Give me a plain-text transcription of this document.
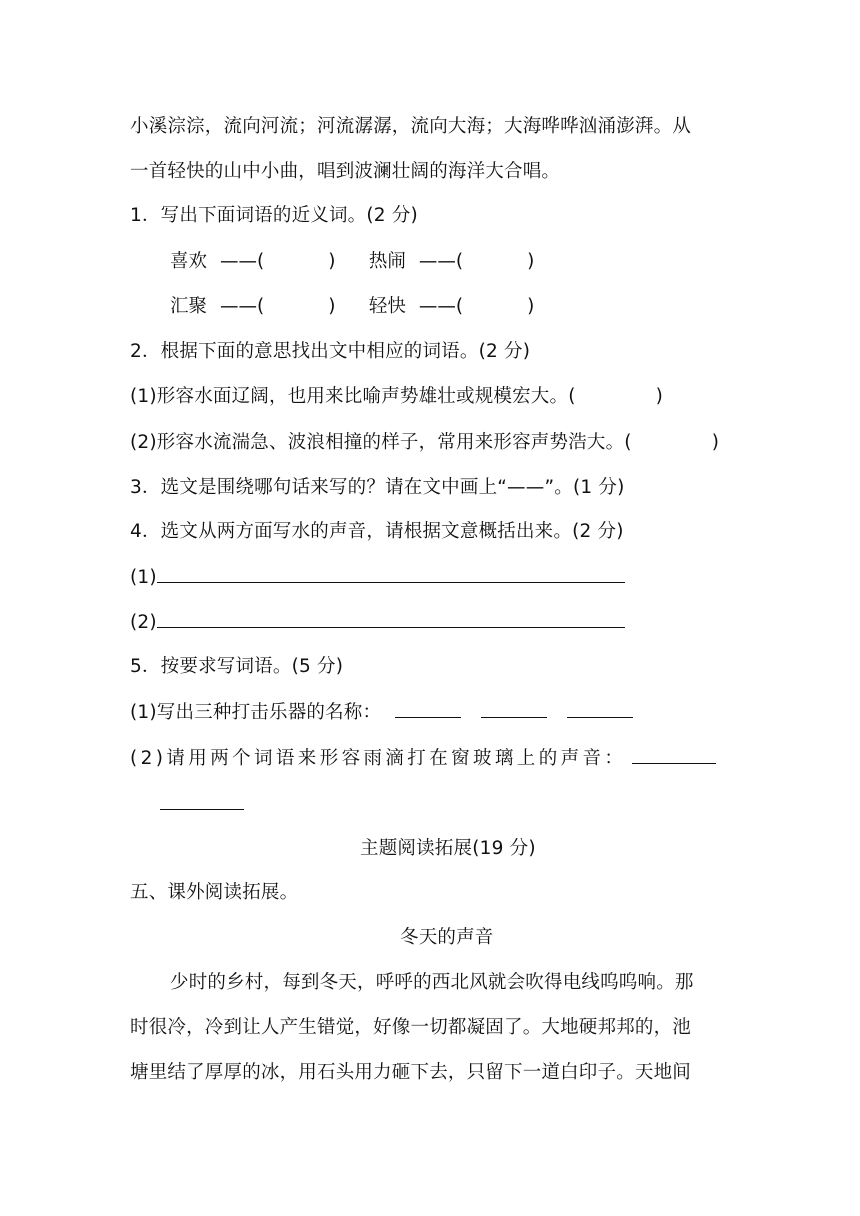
小溪淙淙，流向河流；河流潺潺，流向大海；大海哗哗汹涌澎湃。从
一首轻快的山中小曲，唱到波澜壮阔的海洋大合唱。
1．写出下面词语的近义词。(2 分)
喜欢 ——(	) 热闹 ——(	)
汇聚 ——(	) 轻快 ——(	)
2．根据下面的意思找出文中相应的词语。(2 分)
(1)形容水面辽阔，也用来比喻声势雄壮或规模宏大。(	)
(2)形容水流湍急、波浪相撞的样子，常用来形容声势浩大。(	)
3．选文是围绕哪句话来写的？请在文中画上“——”。(1 分)
4．选文从两方面写水的声音，请根据文意概括出来。(2 分)
(1)
(2)
5．按要求写词语。(5 分)
(1)写出三种打击乐器的名称：
(2)请用两个词语来形容雨滴打在窗玻璃上的声音：
主题阅读拓展(19 分)
五、课外阅读拓展。
冬天的声音
少时的乡村，每到冬天，呼呼的西北风就会吹得电线呜呜响。那
时很冷，冷到让人产生错觉，好像一切都凝固了。大地硬邦邦的，池
塘里结了厚厚的冰，用石头用力砸下去，只留下一道白印子。天地间
